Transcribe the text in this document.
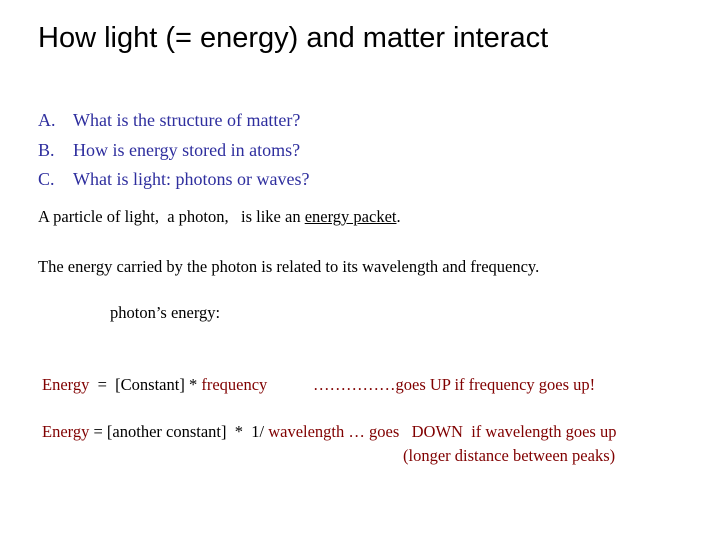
How light (= energy) and matter interact
A. What is the structure of matter?
B. How is energy stored in atoms?
C. What is light: photons or waves?
A particle of light,  a photon,   is like an energy packet.
The energy carried by the photon is related to its wavelength and frequency.
photon’s energy:
Energy  =  [Constant] * frequency	……………goes UP if frequency goes up!
Energy = [another constant]  *  1/ wavelength … goes   DOWN  if wavelength goes up
(longer distance between peaks)
